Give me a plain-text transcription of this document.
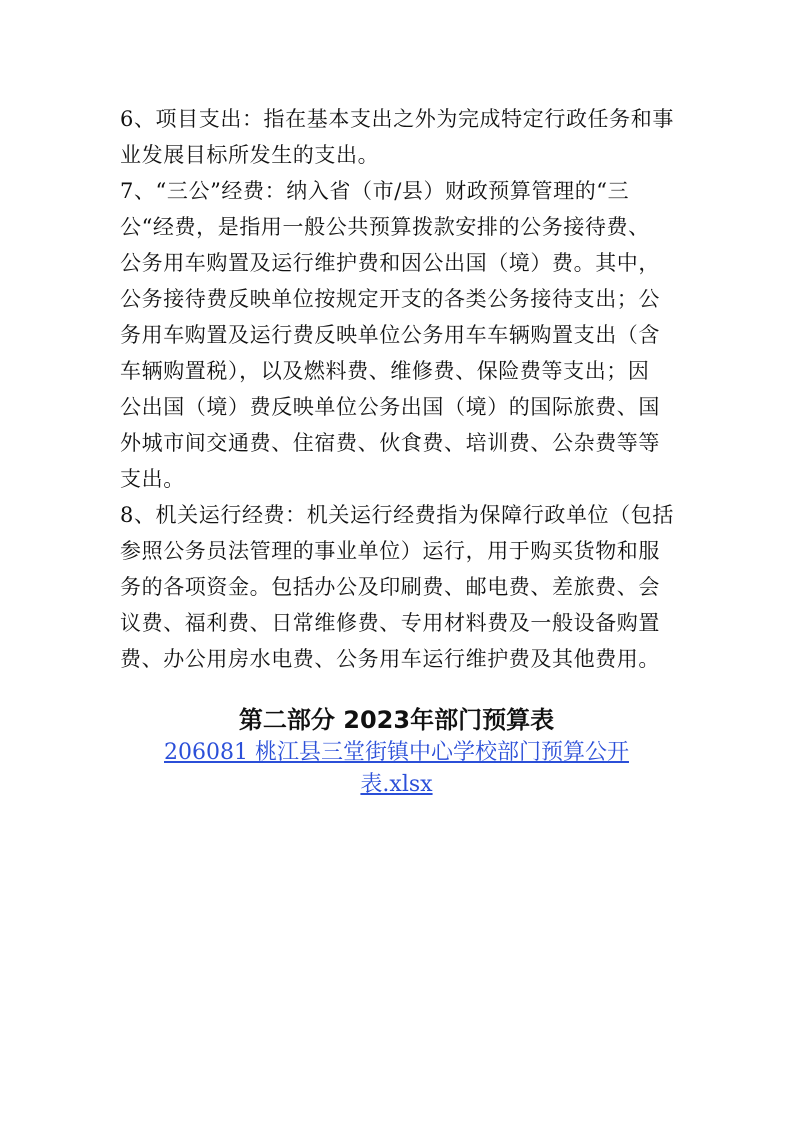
6、项目支出：指在基本支出之外为完成特定行政任务和事
业发展目标所发生的支出。
7、“三公”经费：纳入省（市/县）财政预算管理的“三
公“经费，是指用一般公共预算拨款安排的公务接待费、
公务用车购置及运行维护费和因公出国（境）费。其中，
公务接待费反映单位按规定开支的各类公务接待支出；公
务用车购置及运行费反映单位公务用车车辆购置支出（含
车辆购置税），以及燃料费、维修费、保险费等支出；因
公出国（境）费反映单位公务出国（境）的国际旅费、国
外城市间交通费、住宿费、伙食费、培训费、公杂费等等
支出。
8、机关运行经费：机关运行经费指为保障行政单位（包括
参照公务员法管理的事业单位）运行，用于购买货物和服
务的各项资金。包括办公及印刷费、邮电费、差旅费、会
议费、福利费、日常维修费、专用材料费及一般设备购置
费、办公用房水电费、公务用车运行维护费及其他费用。
第二部分 2023年部门预算表
206081 桃江县三堂街镇中心学校部门预算公开
表.xlsx
